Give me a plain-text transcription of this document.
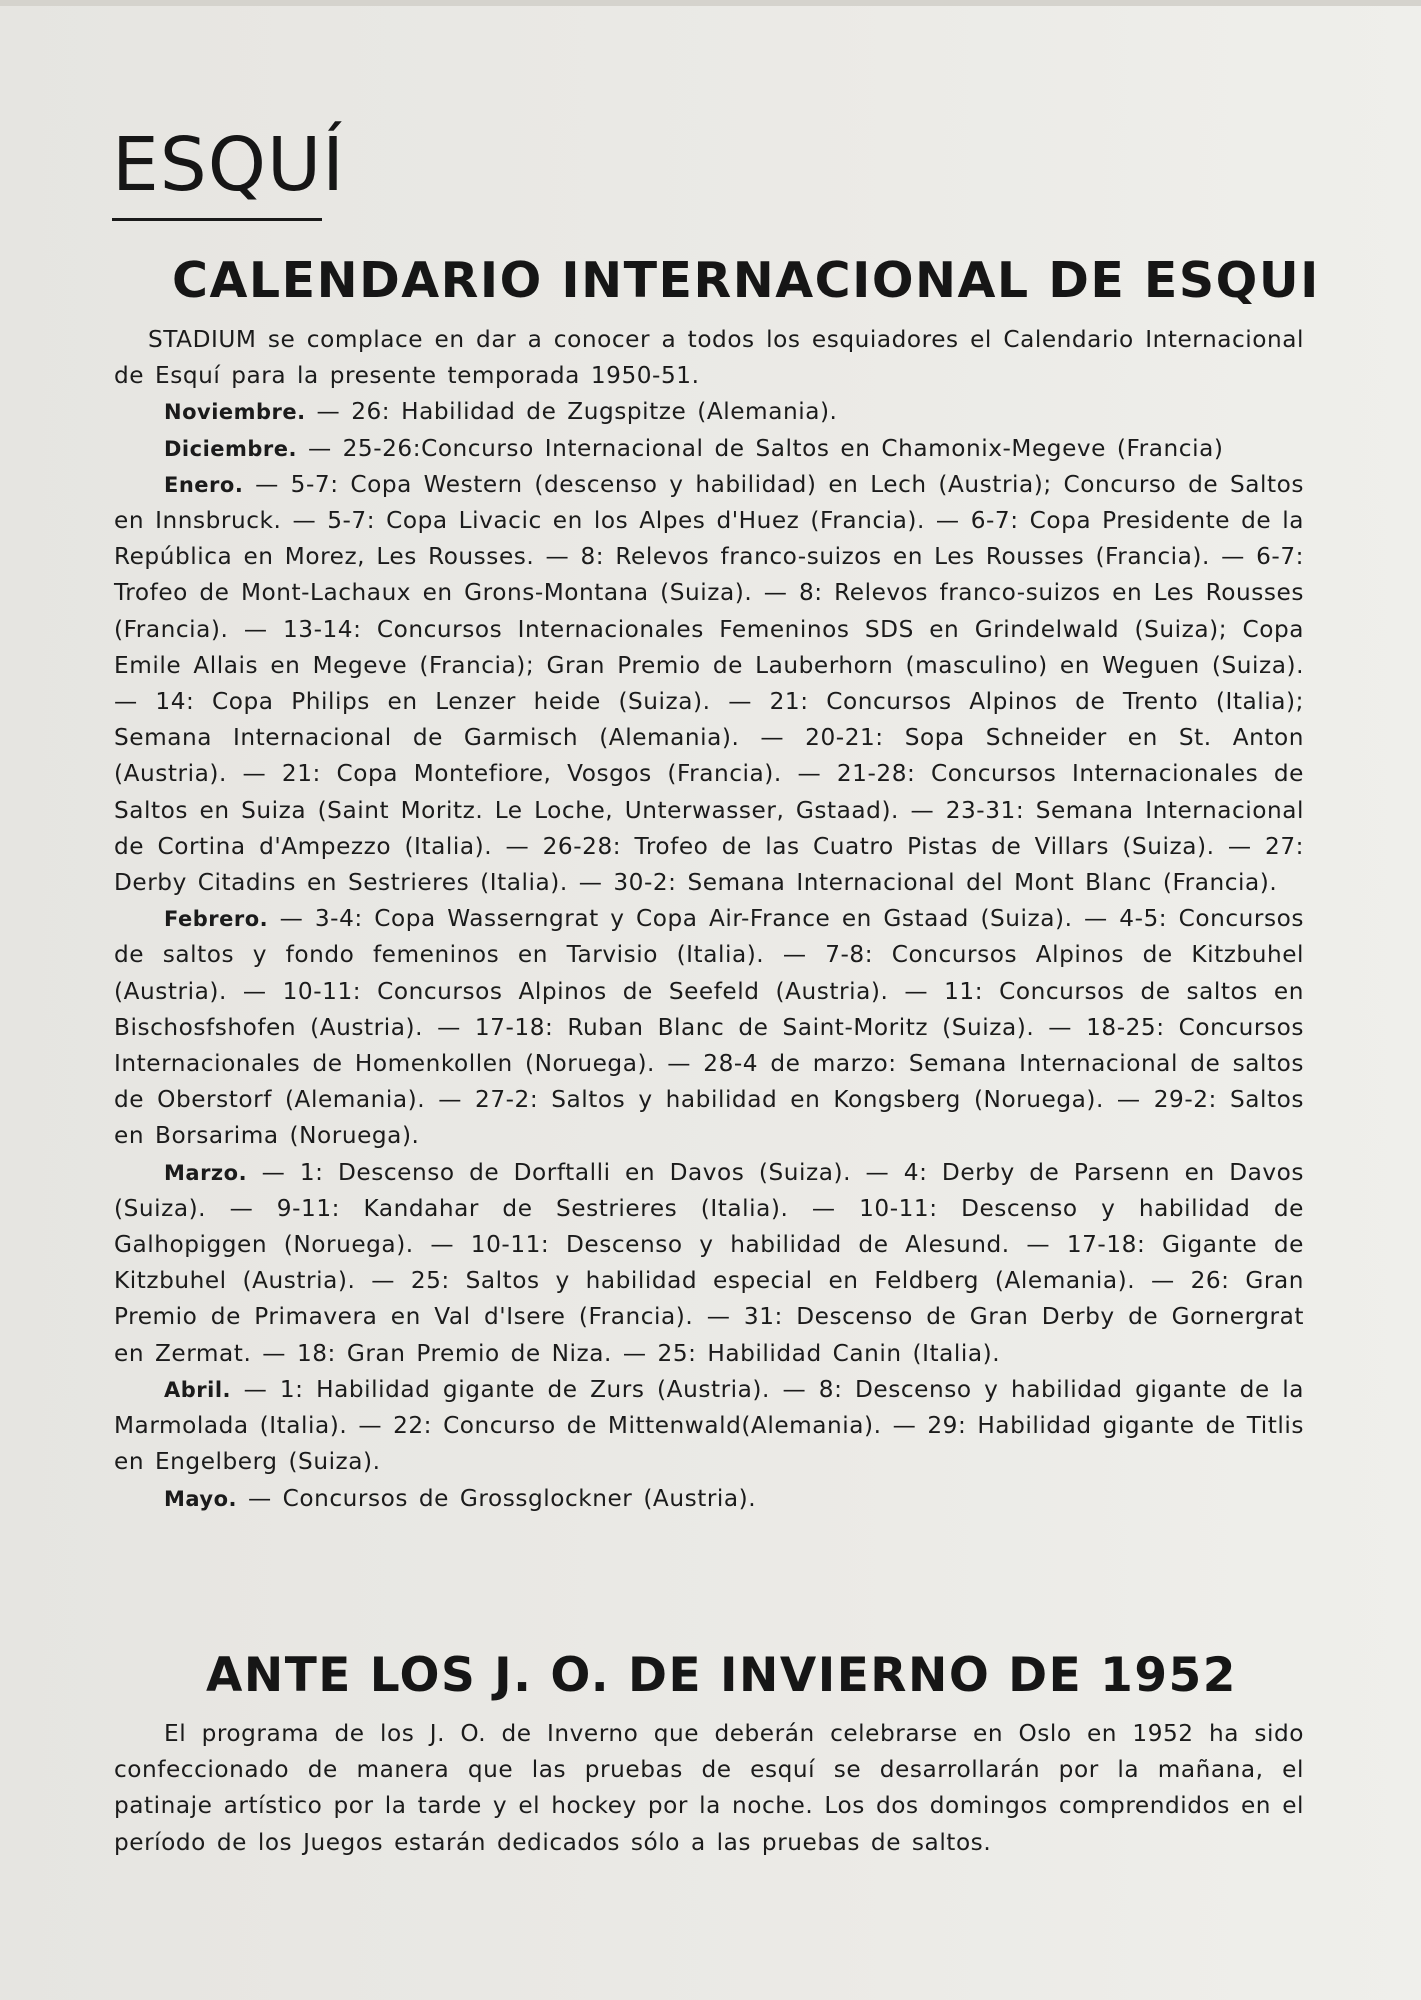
ESQUÍ
CALENDARIO INTERNACIONAL DE ESQUI

STADIUM se complace en dar a conocer a todos los esquiadores el Calendario Internacional de Esquí para la presente temporada 1950-51.

Noviembre. — 26: Habilidad de Zugspitze (Alemania).

Diciembre. — 25-26:Concurso Internacional de Saltos en Chamonix-Megeve (Francia)

Enero. — 5-7: Copa Western (descenso y habilidad) en Lech (Austria); Concurso de Saltos en Innsbruck. — 5-7: Copa Livacic en los Alpes d'Huez (Francia). — 6-7: Copa Presidente de la República en Morez, Les Rousses. — 8: Relevos franco-suizos en Les Rousses (Francia). — 6-7: Trofeo de Mont-Lachaux en Grons-Montana (Suiza). — 8: Relevos franco-suizos en Les Rousses (Francia). — 13-14: Concursos Internacionales Femeninos SDS en Grindelwald (Suiza); Copa Emile Allais en Megeve (Francia); Gran Premio de Lauberhorn (masculino) en Weguen (Suiza). — 14: Copa Philips en Lenzer heide (Suiza). — 21: Concursos Alpinos de Trento (Italia); Semana Internacional de Garmisch (Alemania). — 20-21: Sopa Schneider en St. Anton (Austria). — 21: Copa Montefiore, Vosgos (Francia). — 21-28: Concursos Internacionales de Saltos en Suiza (Saint Moritz. Le Loche, Unterwasser, Gstaad). — 23-31: Semana Internacional de Cortina d'Ampezzo (Italia). — 26-28: Trofeo de las Cuatro Pistas de Villars (Suiza). — 27: Derby Citadins en Sestrieres (Italia). — 30-2: Semana Internacional del Mont Blanc (Francia).

Febrero. — 3-4: Copa Wasserngrat y Copa Air-France en Gstaad (Suiza). — 4-5: Concursos de saltos y fondo femeninos en Tarvisio (Italia). — 7-8: Concursos Alpinos de Kitzbuhel (Austria). — 10-11: Concursos Alpinos de Seefeld (Austria). — 11: Concursos de saltos en Bischosfshofen (Austria). — 17-18: Ruban Blanc de Saint-Moritz (Suiza). — 18-25: Concursos Internacionales de Homenkollen (Noruega). — 28-4 de marzo: Semana Internacional de saltos de Oberstorf (Alemania). — 27-2: Saltos y habilidad en Kongsberg (Noruega). — 29-2: Saltos en Borsarima (Noruega).

Marzo. — 1: Descenso de Dorftalli en Davos (Suiza). — 4: Derby de Parsenn en Davos (Suiza). — 9-11: Kandahar de Sestrieres (Italia). — 10-11: Descenso y habilidad de Galhopiggen (Noruega). — 10-11: Descenso y habilidad de Alesund. — 17-18: Gigante de Kitzbuhel (Austria). — 25: Saltos y habilidad especial en Feldberg (Alemania). — 26: Gran Premio de Primavera en Val d'Isere (Francia). — 31: Descenso de Gran Derby de Gornergrat en Zermat. — 18: Gran Premio de Niza. — 25: Habilidad Canin (Italia).

Abril. — 1: Habilidad gigante de Zurs (Austria). — 8: Descenso y habilidad gigante de la Marmolada (Italia). — 22: Concurso de Mittenwald(Alemania). — 29: Habilidad gigante de Titlis en Engelberg (Suiza).

Mayo. — Concursos de Grossglockner (Austria).

ANTE LOS J. O. DE INVIERNO DE 1952

El programa de los J. O. de Inverno que deberán celebrarse en Oslo en 1952 ha sido confeccionado de manera que las pruebas de esquí se desarrollarán por la mañana, el patinaje artístico por la tarde y el hockey por la noche. Los dos domingos comprendidos en el período de los Juegos estarán dedicados sólo a las pruebas de saltos.
